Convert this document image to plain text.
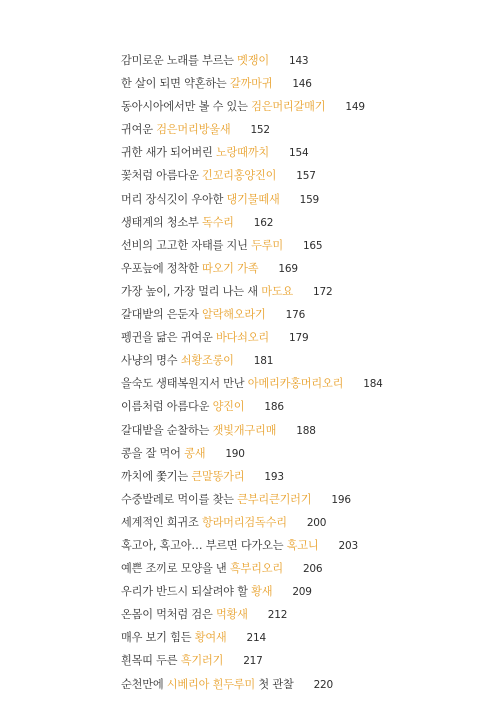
감미로운 노래를 부르는 멧쟁이 143
한 살이 되면 약혼하는 갈까마귀 146
동아시아에서만 볼 수 있는 검은머리갈매기 149
귀여운 검은머리방울새 152
귀한 새가 되어버린 노랑때까치 154
꽃처럼 아름다운 긴꼬리홍양진이 157
머리 장식깃이 우아한 댕기물떼새 159
생태계의 청소부 독수리 162
선비의 고고한 자태를 지닌 두루미 165
우포늪에 정착한 따오기 가족 169
가장 높이, 가장 멀리 나는 새 마도요 172
갈대밭의 은둔자 알락해오라기 176
펭귄을 닮은 귀여운 바다쇠오리 179
사냥의 명수 쇠황조롱이 181
을숙도 생태복원지서 만난 아메리카홍머리오리 184
이름처럼 아름다운 양진이 186
갈대밭을 순찰하는 잿빛개구리매 188
콩을 잘 먹어 콩새 190
까치에 쫓기는 큰말똥가리 193
수중발레로 먹이를 찾는 큰부리큰기러기 196
세계적인 희귀조 항라머리검독수리 200
혹고아, 혹고아… 부르면 다가오는 혹고니 203
예쁜 조끼로 모양을 낸 흑부리오리 206
우리가 반드시 되살려야 할 황새 209
온몸이 먹처럼 검은 먹황새 212
매우 보기 힘든 황여새 214
흰목띠 두른 흑기러기 217
순천만에 시베리아 흰두루미 첫 관찰 220
